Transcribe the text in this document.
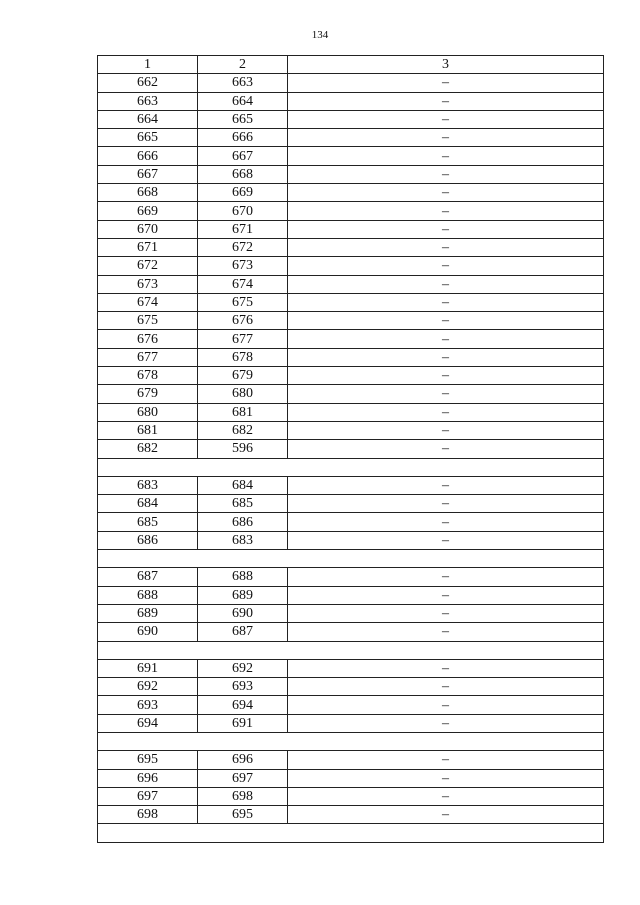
134
1	2	3
662	663	–
663	664	–
664	665	–
665	666	–
666	667	–
667	668	–
668	669	–
669	670	–
670	671	–
671	672	–
672	673	–
673	674	–
674	675	–
675	676	–
676	677	–
677	678	–
678	679	–
679	680	–
680	681	–
681	682	–
682	596	–

683	684	–
684	685	–
685	686	–
686	683	–

687	688	–
688	689	–
689	690	–
690	687	–

691	692	–
692	693	–
693	694	–
694	691	–

695	696	–
696	697	–
697	698	–
698	695	–
